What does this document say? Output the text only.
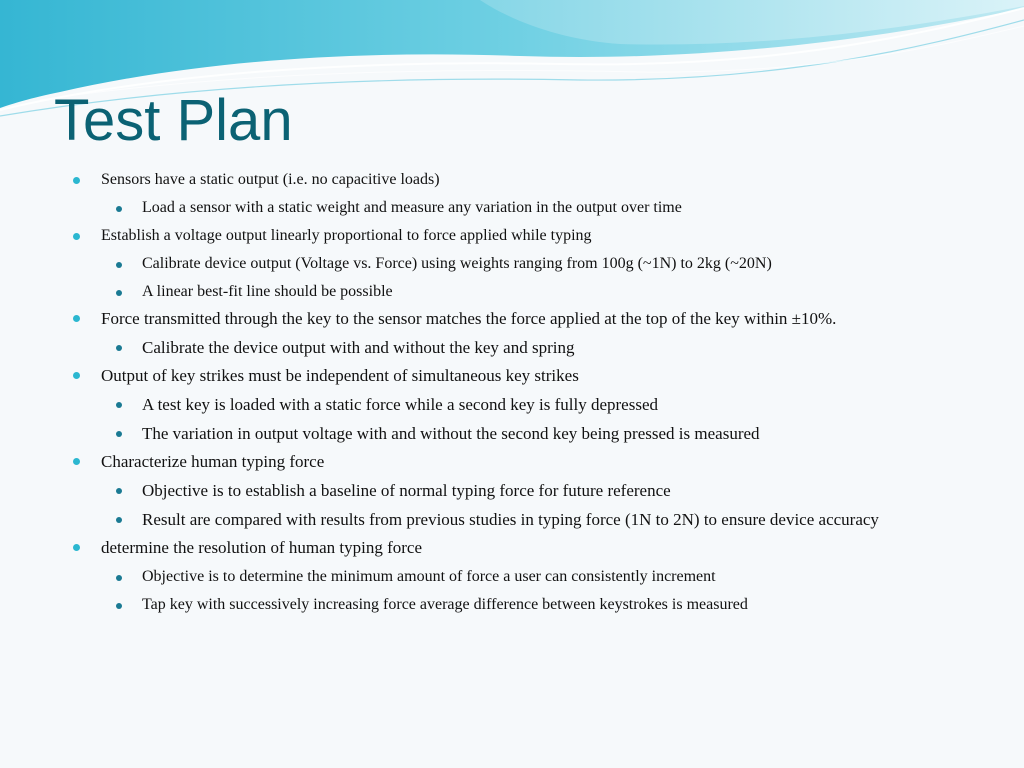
Test Plan
Sensors have a static output (i.e. no capacitive loads)
Load a sensor with a static weight and measure any variation in the output over time
Establish a voltage output linearly proportional to force applied while typing
Calibrate device output (Voltage vs. Force) using weights ranging from 100g (~1N) to 2kg (~20N)
A linear best-fit line should be possible
Force transmitted through the key to the sensor matches the force applied at the top of the key within ±10%.
Calibrate the device output with and without the key and spring
Output of key strikes must be independent of simultaneous key strikes
A test key is loaded with a static force while a second key is fully depressed
The variation in output voltage with and without the second key being pressed is measured
Characterize human typing force
Objective is to establish a baseline of normal typing force for future reference
Result are compared with results from previous studies in typing force (1N to 2N) to ensure device accuracy
determine the resolution of human typing force
Objective is to determine the minimum amount of force a user can consistently increment
Tap key with successively increasing force average difference between keystrokes is measured
